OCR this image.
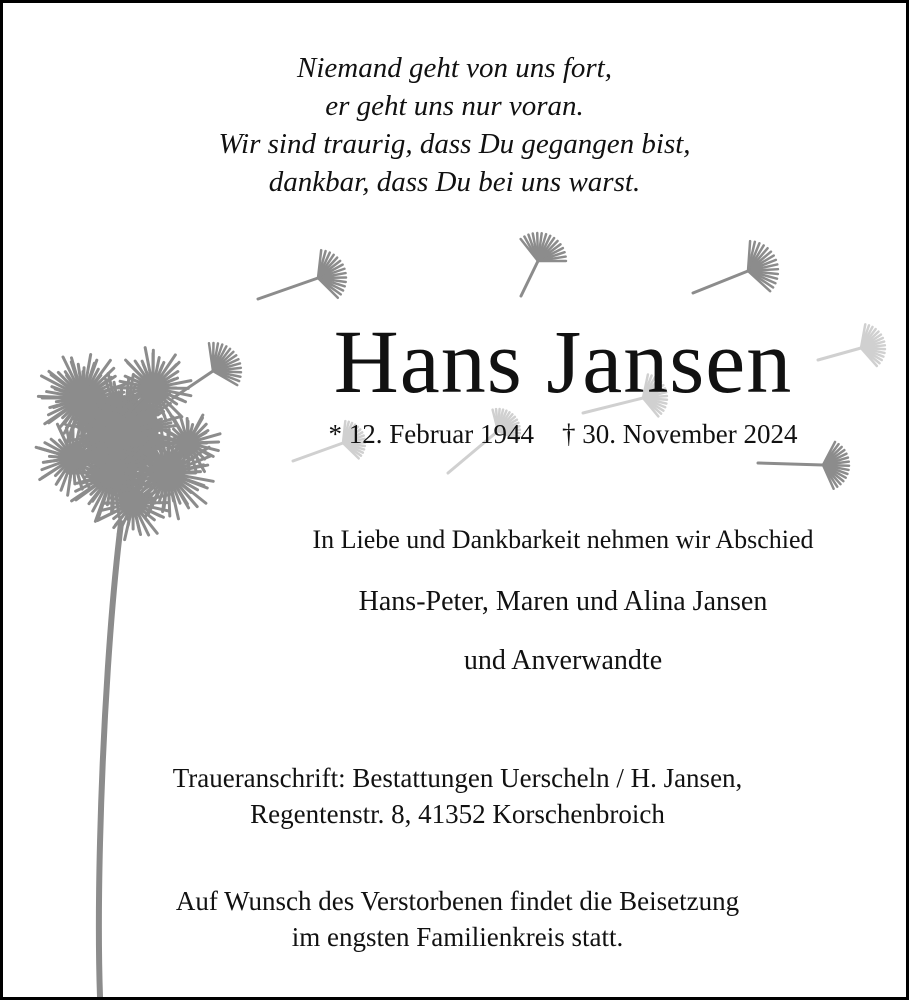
Niemand geht von uns fort,
er geht uns nur voran.
Wir sind traurig, dass Du gegangen bist,
dankbar, dass Du bei uns warst.
Hans Jansen
* 12. Februar 1944 † 30. November 2024
In Liebe und Dankbarkeit nehmen wir Abschied
Hans-Peter, Maren und Alina Jansen
und Anverwandte
Traueranschrift: Bestattungen Uerscheln / H. Jansen,
Regentenstr. 8, 41352 Korschenbroich
Auf Wunsch des Verstorbenen findet die Beisetzung
im engsten Familienkreis statt.
